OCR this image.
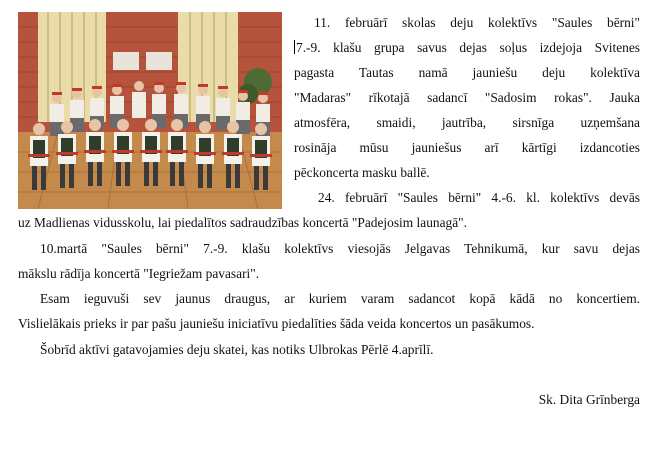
11. februārī skolas deju kolektīvs "Saules bērni"
7.-9. klašu grupa savus dejas soļus izdejoja Svitenes
pagasta Tautas namā jauniešu deju kolektīva
"Madaras" rīkotajā sadancī "Sadosim rokas". Jauka
atmosfēra, smaidi, jautrība, sirsnīga uzņemšana
rosināja mūsu jauniešus arī kārtīgi izdancoties
pēckoncerta masku ballē.
24. februārī "Saules bērni" 4.-6. kl. kolektīvs devās
uz Madlienas vidusskolu, lai piedalītos sadraudzības koncertā "Padejosim launagā".
10.martā "Saules bērni" 7.-9. klašu kolektīvs viesojās Jelgavas Tehnikumā, kur savu dejas
mākslu rādīja koncertā "Iegriežam pavasari".
Esam ieguvuši sev jaunus draugus, ar kuriem varam sadancot kopā kādā no koncertiem.
Vislielākais prieks ir par pašu jauniešu iniciatīvu piedalīties šāda veida koncertos un pasākumos.
Šobrīd aktīvi gatavojamies deju skatei, kas notiks Ulbrokas Pērlē 4.aprīlī.
Sk. Dita Grīnberga
